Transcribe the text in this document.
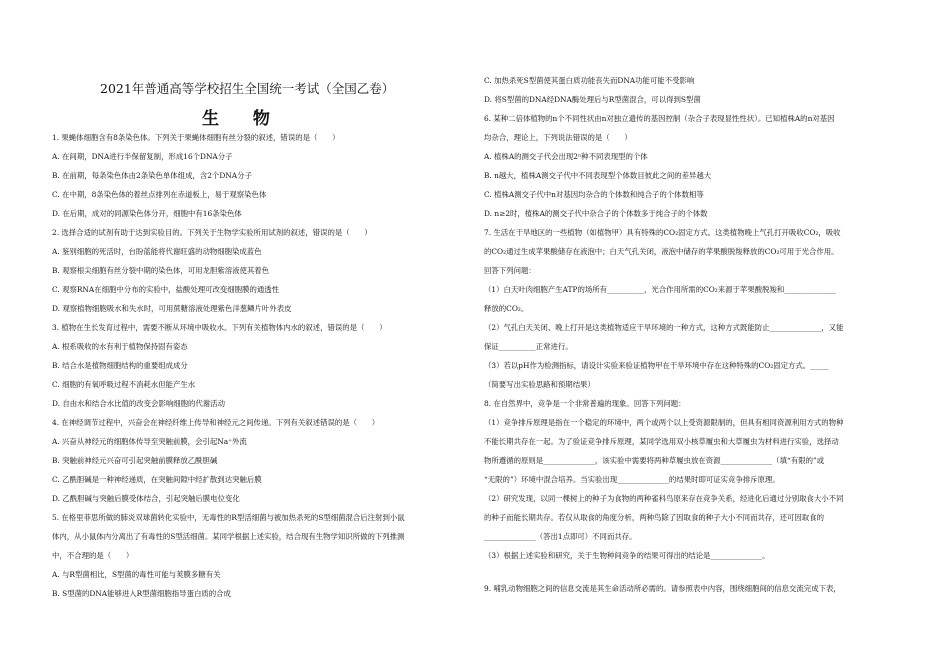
2021年普通高等学校招生全国统一考试（全国乙卷）
生 物
1. 果蝇体细胞含有8条染色体。下列关于果蝇体细胞有丝分裂的叙述，错误的是（　　）
A. 在间期，DNA进行半保留复制，形成16个DNA分子
B. 在前期，每条染色体由2条染色单体组成，含2个DNA分子
C. 在中期，8条染色体的着丝点排列在赤道板上，易于观察染色体
D. 在后期，成对的同源染色体分开，细胞中有16条染色体
2. 选择合适的试剂有助于达到实验目的。下列关于生物学实验所用试剂的叙述，错误的是（　　）
A. 鉴别细胞的死活时，台盼蓝能将代谢旺盛的动物细胞染成蓝色
B. 观察根尖细胞有丝分裂中期的染色体，可用龙胆紫溶液使其着色
C. 观察RNA在细胞中分布的实验中，盐酸处理可改变细胞膜的通透性
D. 观察植物细胞吸水和失水时，可用蔗糖溶液处理紫色洋葱鳞片叶外表皮
3. 植物在生长发育过程中，需要不断从环境中吸收水。下列有关植物体内水的叙述，错误的是（　　）
A. 根系吸收的水有利于植物保持固有姿态
B. 结合水是植物细胞结构的重要组成成分
C. 细胞的有氧呼吸过程不消耗水但能产生水
D. 自由水和结合水比值的改变会影响细胞的代谢活动
4. 在神经调节过程中，兴奋会在神经纤维上传导和神经元之间传递。下列有关叙述错误的是（　　）
A. 兴奋从神经元的细胞体传导至突触前膜，会引起Na⁺外流
B. 突触前神经元兴奋可引起突触前膜释放乙酰胆碱
C. 乙酰胆碱是一种神经递质，在突触间隙中经扩散到达突触后膜
D. 乙酰胆碱与突触后膜受体结合，引起突触后膜电位变化
5. 在格里菲思所做的肺炎双球菌转化实验中，无毒性的R型活细菌与被加热杀死的S型细菌混合后注射到小鼠
体内，从小鼠体内分离出了有毒性的S型活细菌。某同学根据上述实验，结合现有生物学知识所做的下列推测
中，不合理的是（　　）
A. 与R型菌相比，S型菌的毒性可能与荚膜多糖有关
B. S型菌的DNA能够进入R型菌细胞指导蛋白质的合成
C. 加热杀死S型菌使其蛋白质功能丧失而DNA功能可能不受影响
D. 将S型菌的DNA经DNA酶处理后与R型菌混合，可以得到S型菌
6. 某种二倍体植物的n个不同性状由n对独立遗传的基因控制（杂合子表现显性性状）。已知植株A的n对基因
均杂合，理论上，下列说法错误的是（　　）
A. 植株A的测交子代会出现2ⁿ种不同表现型的个体
B. n越大，植株A测交子代中不同表现型个体数目彼此之间的差异越大
C. 植株A测交子代中n对基因均杂合的个体数和纯合子的个体数相等
D. n≥2时，植株A的测交子代中杂合子的个体数多于纯合子的个体数
7. 生活在干旱地区的一些植物（如植物甲）具有特殊的CO₂固定方式。这类植物晚上气孔打开吸收CO₂，吸收
的CO₂通过生成苹果酸储存在液泡中；白天气孔关闭，液泡中储存的苹果酸脱羧释放的CO₂可用于光合作用。
回答下列问题：
（1）白天叶肉细胞产生ATP的场所有__________，光合作用所需的CO₂来源于苹果酸脱羧和______________
释放的CO₂。
（2）气孔白天关闭、晚上打开是这类植物适应干旱环境的一种方式，这种方式既能防止______________，又能
保证__________正常进行。
（3）若以pH作为检测指标，请设计实验来验证植物甲在干旱环境中存在这种特殊的CO₂固定方式。_____
（简要写出实验思路和预期结果）
8. 在自然界中，竞争是一个非常普遍的现象。回答下列问题：
（1）竞争排斥原理是指在一个稳定的环境中，两个或两个以上受资源限制的，但具有相同资源利用方式的物种
不能长期共存在一起。为了验证竞争排斥原理，某同学选用双小核草履虫和大草履虫为材料进行实验，选择动
物所遵循的原则是______________，该实验中需要将两种草履虫放在资源______________（填“有限的”或
“无限的”）环境中混合培养。当实验出现______________的结果时即可证实竞争排斥原理。
（2）研究发现，以同一棵树上的种子为食物的两种雀科鸟原来存在竞争关系，经进化后通过分别取食大小不同
的种子而能长期共存。若仅从取食的角度分析，两种鸟除了因取食的种子大小不同而共存，还可因取食的
______________（答出1点即可）不同而共存。
（3）根据上述实验和研究，关于生物种间竞争的结果可得出的结论是______________。
9. 哺乳动物细胞之间的信息交流是其生命活动所必需的。请参照表中内容，围绕细胞间的信息交流完成下表，
